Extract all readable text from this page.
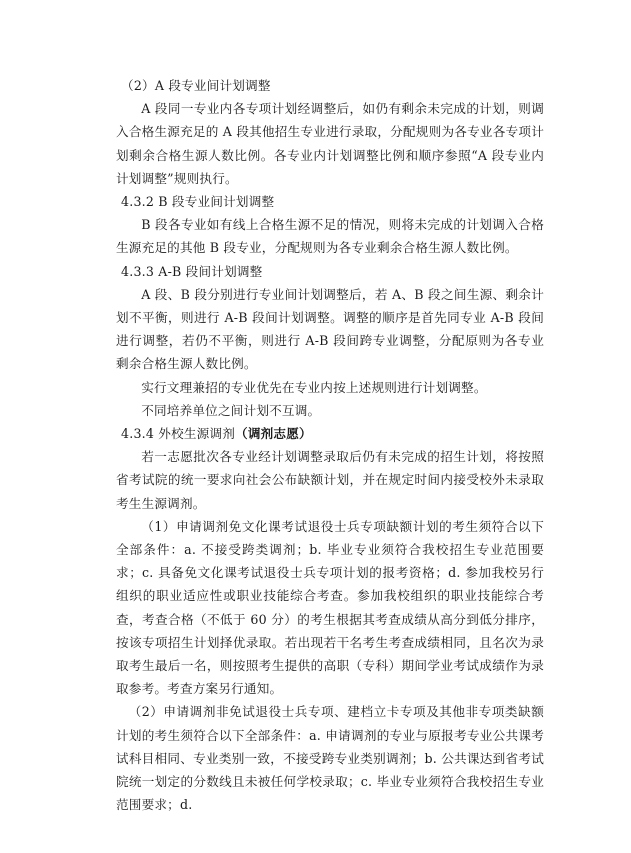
（2）A 段专业间计划调整

A 段同一专业内各专项计划经调整后，如仍有剩余未完成的计划，则调入合格生源充足的 A 段其他招生专业进行录取，分配规则为各专业各专项计划剩余合格生源人数比例。各专业内计划调整比例和顺序参照“A 段专业内计划调整”规则执行。

4.3.2 B 段专业间计划调整

B 段各专业如有线上合格生源不足的情况，则将未完成的计划调入合格生源充足的其他 B 段专业，分配规则为各专业剩余合格生源人数比例。

4.3.3 A-B 段间计划调整

A 段、B 段分别进行专业间计划调整后，若 A、B 段之间生源、剩余计划不平衡，则进行 A-B 段间计划调整。调整的顺序是首先同专业 A-B 段间进行调整，若仍不平衡，则进行 A-B 段间跨专业调整，分配原则为各专业剩余合格生源人数比例。

实行文理兼招的专业优先在专业内按上述规则进行计划调整。

不同培养单位之间计划不互调。

4.3.4 外校生源调剂（调剂志愿）

若一志愿批次各专业经计划调整录取后仍有未完成的招生计划，将按照省考试院的统一要求向社会公布缺额计划，并在规定时间内接受校外未录取考生生源调剂。

（1）申请调剂免文化课考试退役士兵专项缺额计划的考生须符合以下全部条件：a. 不接受跨类调剂；b. 毕业专业须符合我校招生专业范围要求；c. 具备免文化课考试退役士兵专项计划的报考资格；d. 参加我校另行组织的职业适应性或职业技能综合考查。参加我校组织的职业技能综合考查，考查合格（不低于 60 分）的考生根据其考查成绩从高分到低分排序，按该专项招生计划择优录取。若出现若干名考生考查成绩相同，且名次为录取考生最后一名，则按照考生提供的高职（专科）期间学业考试成绩作为录取参考。考查方案另行通知。

（2）申请调剂非免试退役士兵专项、建档立卡专项及其他非专项类缺额计划的考生须符合以下全部条件：a. 申请调剂的专业与原报考专业公共课考试科目相同、专业类别一致，不接受跨专业类别调剂；b. 公共课达到省考试院统一划定的分数线且未被任何学校录取；c. 毕业专业须符合我校招生专业范围要求；d.
